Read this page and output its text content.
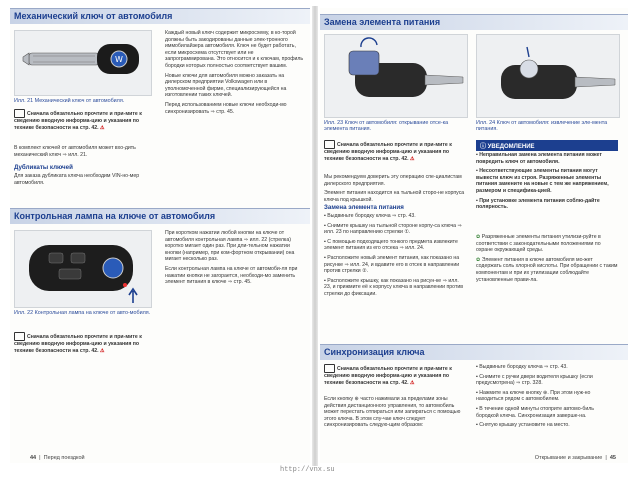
Механический ключ от автомобиля
W
Илл. 21 Механический ключ от автомобиля.
Сначала обязательно прочтите и при-мите к сведению вводную информа-цию и указания по технике безопасности на стр. 42. ⚠
В комплект ключей от автомобиля может вхо-дить механический ключ ⇒ илл. 21.
Дубликаты ключей
Для заказа дубликата ключа необходим VIN-но-мер автомобиля.

Каждый новый ключ содержит микросхему, в ко-торой должны быть закодированы данные элек-тронного иммобилайзера автомобиля. Ключ не будет работать, если микросхема отсутствует или не запрограммирована. Это относится и к ключам, профиль бородки которых полностью соответствует вашим.

Новые ключи для автомобиля можно заказать на дилерском предприятии Volkswagen или в уполномоченной фирме, специализирующейся на изготовлении таких ключей.

Перед использованием новые ключи необходи-мо синхронизировать ⇒ стр. 45.

Контрольная лампа на ключе от автомобиля
Илл. 22 Контрольная лампа на ключе от авто-мобиля.
Сначала обязательно прочтите и при-мите к сведению вводную информа-цию и указания по технике безопасности на стр. 42. ⚠

При коротком нажатии любой кнопки на ключе от автомобиля контрольная лампа ⇒ илл. 22 (стрелка) коротко мигает один раз. При дли-тельном нажатии кнопки (например, при ком-фортном открывании) она мигает несколько раз.

Если контрольная лампа на ключе от автомоби-ля при нажатии кнопки не загорается, необходи-мо заменить элемент питания в ключе ⇒ стр. 45.

44  |  Перед поездкой
Замена элемента питания
Илл. 23 Ключ от автомобиля: открывание отсе-ка элемента питания.
Илл. 24 Ключ от автомобиля: извлечение эле-мента питания.
Сначала обязательно прочтите и при-мите к сведению вводную информа-цию и указания по технике безопасности на стр. 42. ⚠

Мы рекомендуем доверить эту операцию спе-циалистам дилерского предприятия.

Элемент питания находится на тыльной сторо-не корпуса ключа под крышкой.

Замена элемента питания

▪ Выдвиньте бородку ключа ⇒ стр. 43.

▪ Снимите крышку на тыльной стороне корпу-са ключа ⇒ илл. 23 по направлению стрелки ①.

▪ С помощью подходящего тонкого предмета извлеките элемент питания из его отсека ⇒ илл. 24.

▪ Расположите новый элемент питания, как показано на рисунке ⇒ илл. 24, и вдавите его в отсек в направлении против стрелки ②.

▪ Расположите крышку, как показано на рисун-ке ⇒ илл. 23, и прижмите её к корпусу ключа в направлении против стрелки до фиксации.

ⓘ УВЕДОМЛЕНИЕ

▪ Неправильная замена элемента питания может повредить ключ от автомобиля.

▪ Несоответствующие элементы питания могут вывести ключ из строя. Разряженные элементы питания замените на новые с тем же напряжением, размером и специфика-цией.

▪ При установке элемента питания соблю-дайте полярность.

✿ Разряженные элементы питания утилизи-руйте в соответствии с законодательными положениями по охране окружающей среды.

✿ Элемент питания в ключе автомобиля мо-жет содержать соль хлорной кислоты. При обращении с таким компонентам и при их утилизации соблюдайте установленные прави-ла.

Синхронизация ключа
Сначала обязательно прочтите и при-мите к сведению вводную информа-цию и указания по технике безопасности на стр. 42. ⚠
Если кнопку ⊕ часто нажимали за пределами зоны действия дистанционного управления, то автомобиль может перестать отпираться или запираться с помощью этого ключа. В этом слу-чае ключ следует синхронизировать следую-щим образом:

▪ Выдвиньте бородку ключа ⇒ стр. 43.

▪ Снимите с ручки двери водителя крышку (если предусмотрена) ⇒ стр. 328.

▪ Нажмите на ключе кнопку ⊕. При этом нуж-но находиться рядом с автомобилем.

▪ В течение одной минуты отоприте автомо-биль бородкой ключа. Синхронизация заверше-на.

▪ Снятую крышку установите на место.

Открывание и закрывание  |  45
http://vnx.su
